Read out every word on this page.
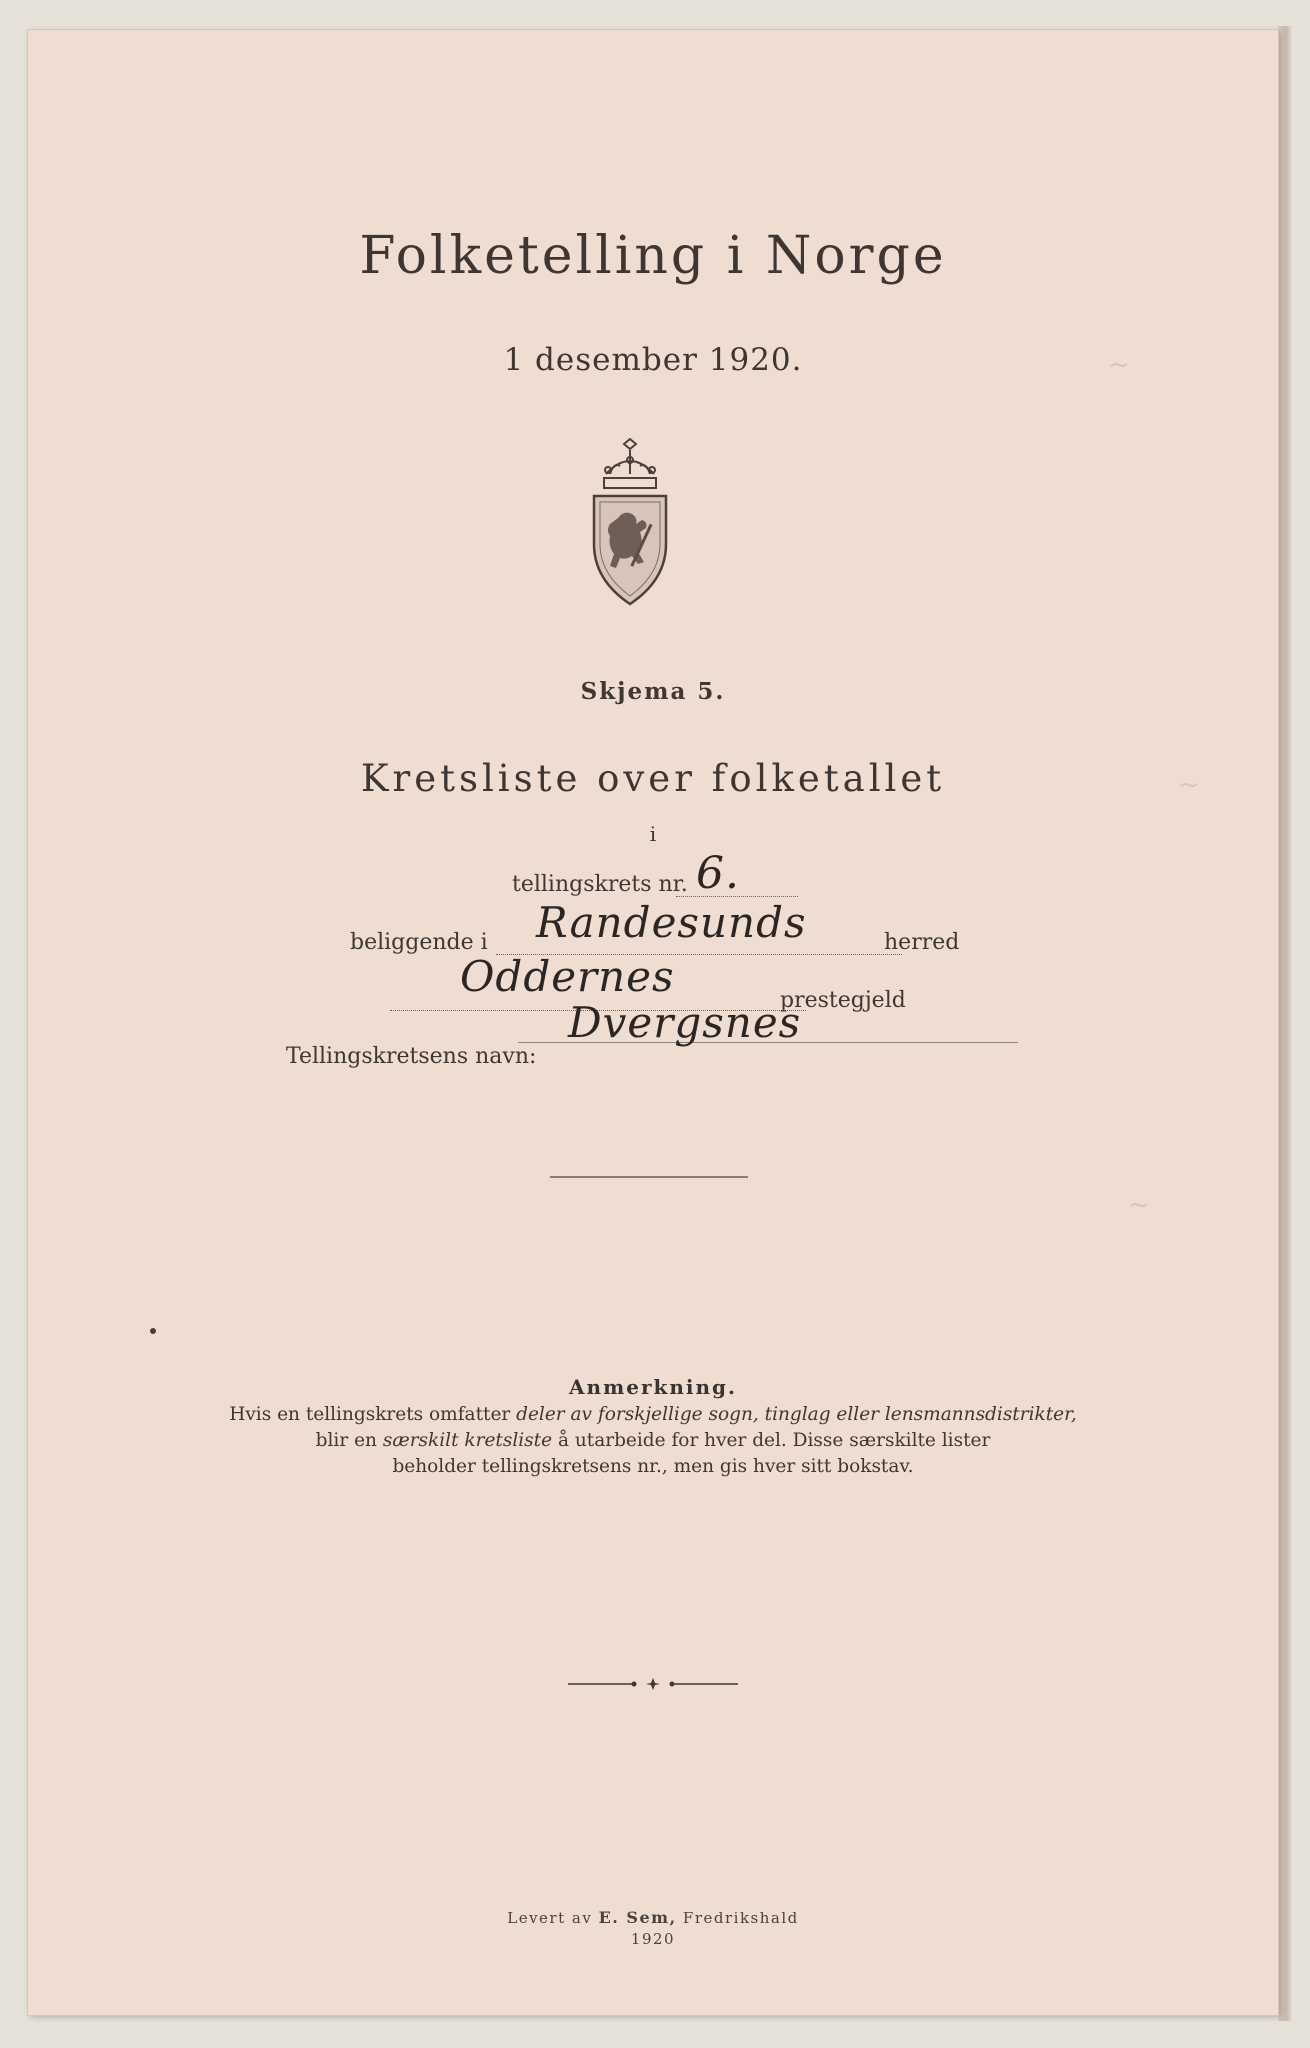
~
~
~
Folketelling i Norge
1 desember 1920.
Skjema 5.
Kretsliste over folketallet
i
tellingskrets nr. 6.
beliggende i Randesunds	herred
Oddernes	prestegjeld
Tellingskretsens navn:
Dvergsnes
Anmerkning.
Hvis en tellingskrets omfatter deler av forskjellige sogn, tinglag eller lensmannsdistrikter,
blir en særskilt kretsliste å utarbeide for hver del. Disse særskilte lister
beholder tellingskretsens nr., men gis hver sitt bokstav.
Levert av E. Sem, Fredrikshald
1920
